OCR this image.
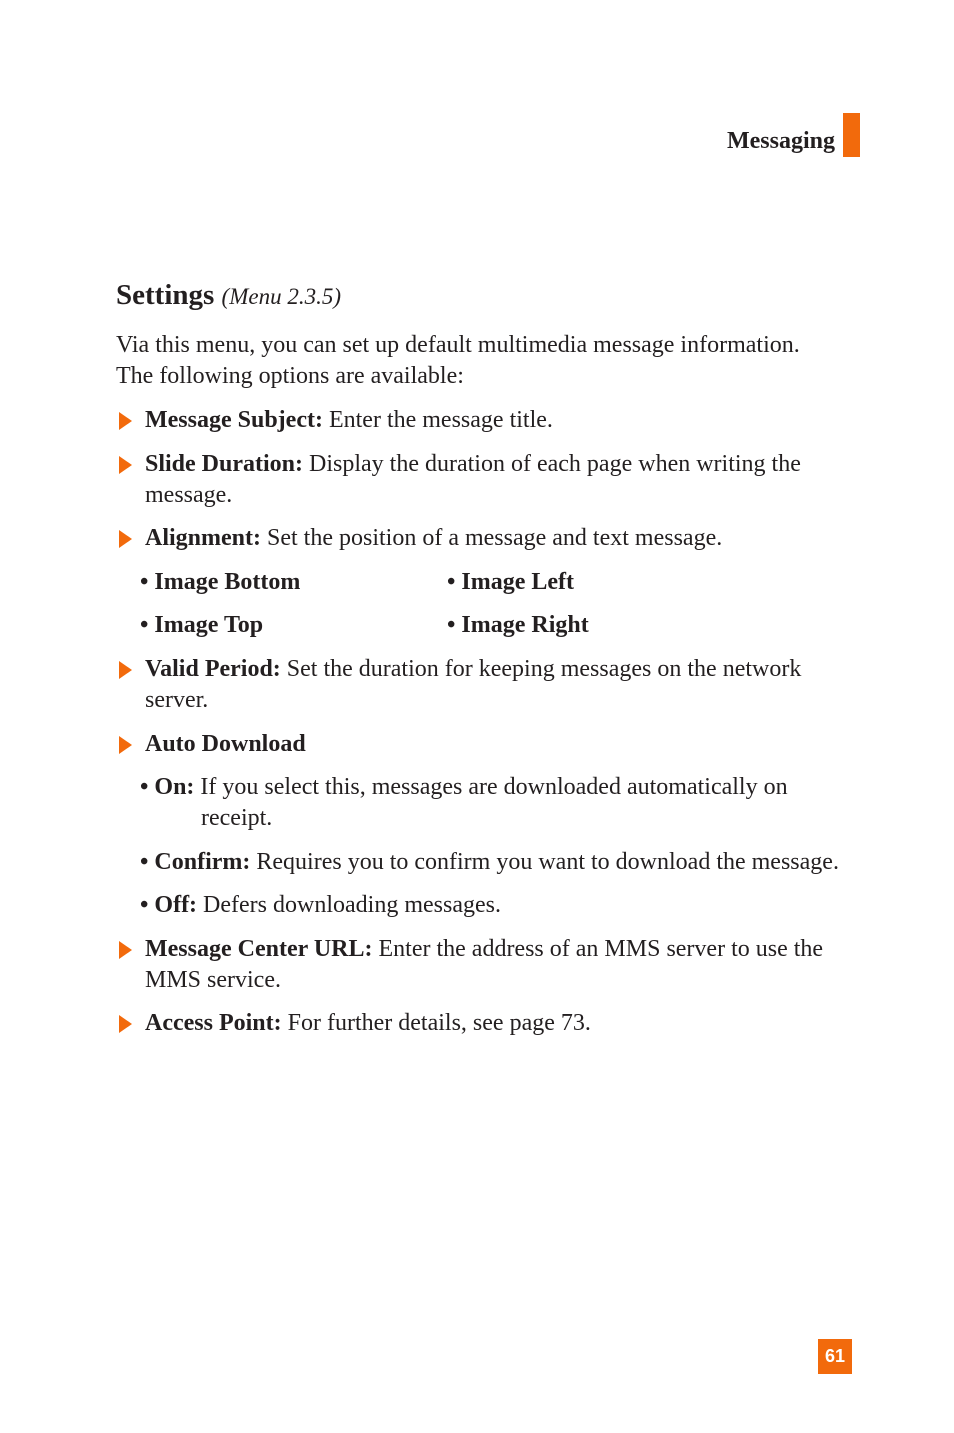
Messaging
Settings (Menu 2.3.5)
Via this menu, you can set up default multimedia message information.
The following options are available:
Message Subject: Enter the message title.
Slide Duration: Display the duration of each page when writing the
message.
Alignment: Set the position of a message and text message.
• Image Bottom	• Image Left
• Image Top	• Image Right
Valid Period: Set the duration for keeping messages on the network
server.
Auto Download
• On: If you select this, messages are downloaded automatically on
receipt.
• Confirm: Requires you to confirm you want to download the message.
• Off: Defers downloading messages.
Message Center URL: Enter the address of an MMS server to use the
MMS service.
Access Point: For further details, see page 73.
61
